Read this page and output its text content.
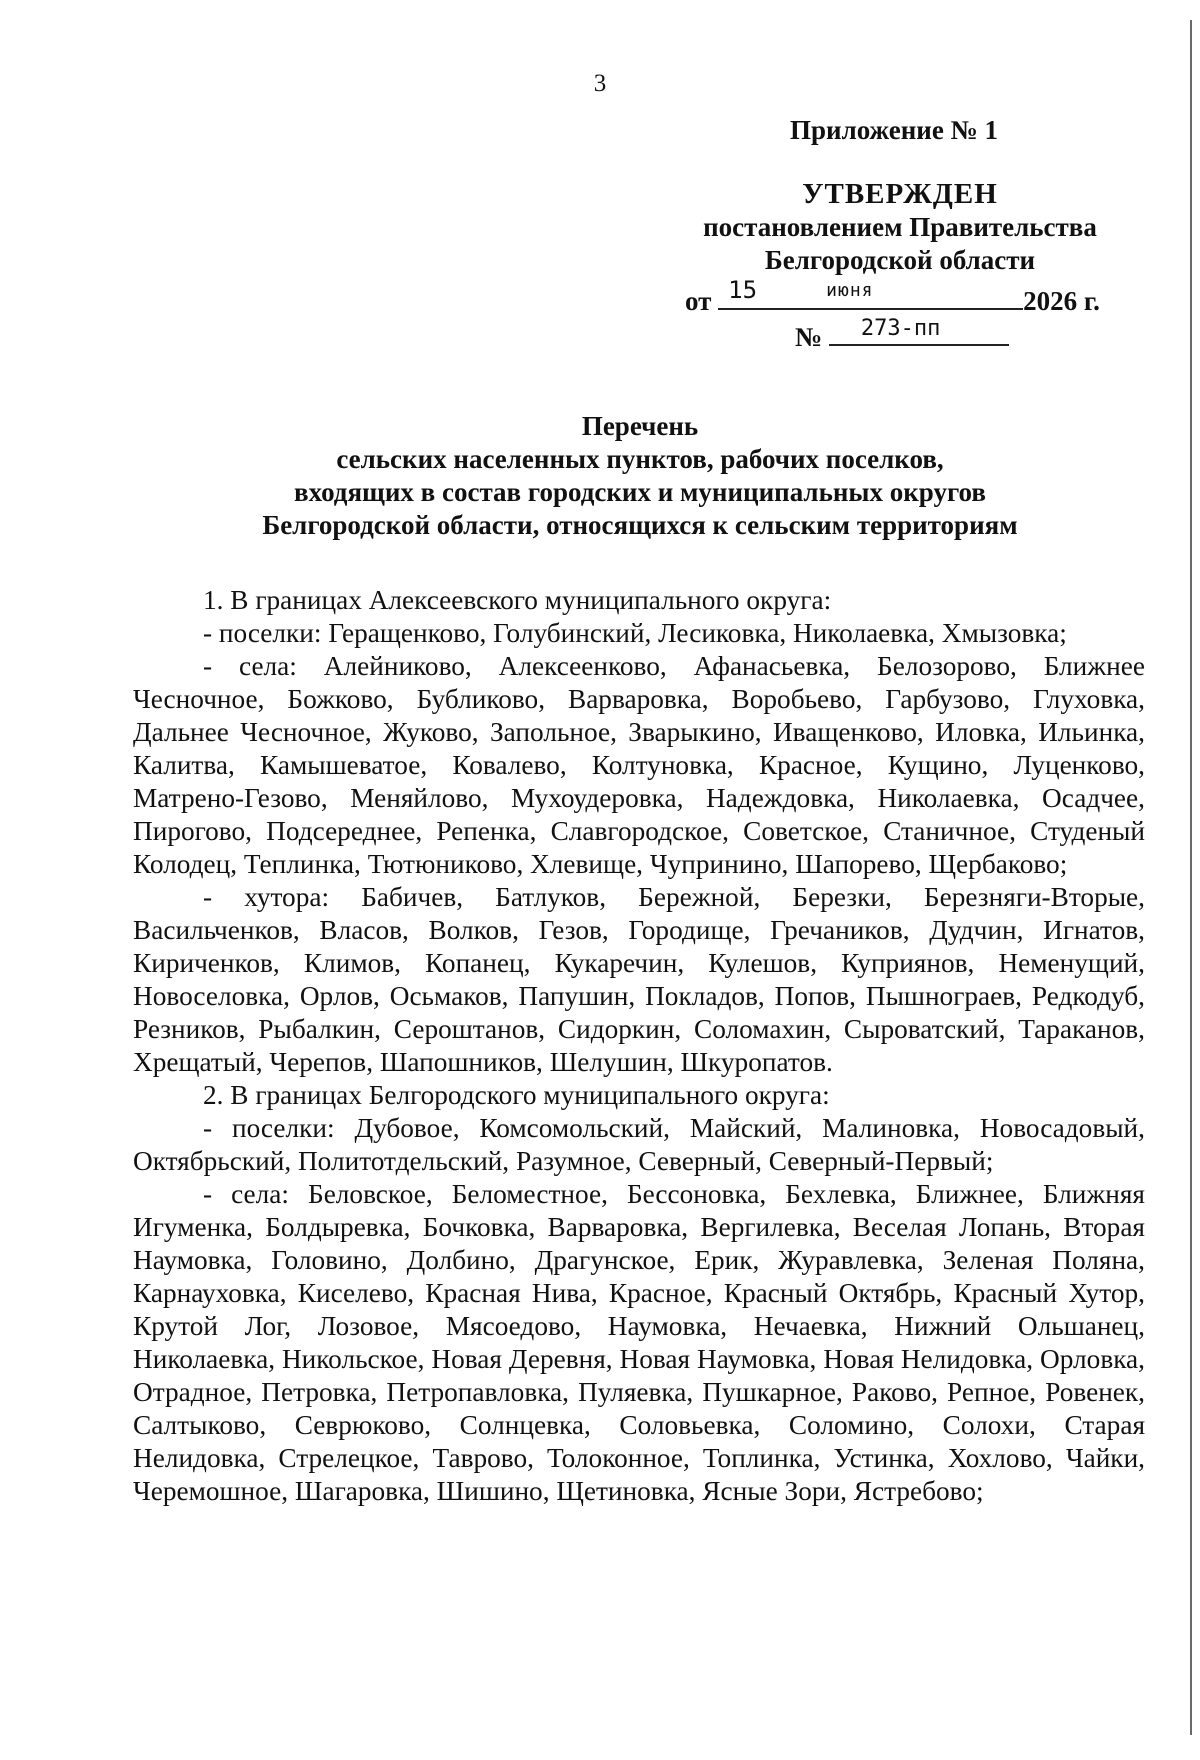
3
Приложение № 1
УТВЕРЖДЕН
постановлением Правительства
Белгородской области
от 15	июня	2026 г.
№ 273-пп
Перечень
сельских населенных пунктов, рабочих поселков,
входящих в состав городских и муниципальных округов
Белгородской области, относящихся к сельским территориям

1. В границах Алексеевского муниципального округа:

- поселки: Геращенково, Голубинский, Лесиковка, Николаевка, Хмызовка;

- села: Алейниково, Алексеенково, Афанасьевка, Белозорово, Ближнее Чесночное, Божково, Бубликово, Варваровка, Воробьево, Гарбузово, Глуховка, Дальнее Чесночное, Жуково, Запольное, Зварыкино, Иващенково, Иловка, Ильинка, Калитва, Камышеватое, Ковалево, Колтуновка, Красное, Кущино, Луценково, Матрено-Гезово, Меняйлово, Мухоудеровка, Надеждовка, Николаевка, Осадчее, Пирогово, Подсереднее, Репенка, Славгородское, Советское, Станичное, Студеный Колодец, Теплинка, Тютюниково, Хлевище, Чупринино, Шапорево, Щербаково;

- хутора: Бабичев, Батлуков, Бережной, Березки, Березняги-Вторые, Васильченков, Власов, Волков, Гезов, Городище, Гречаников, Дудчин, Игнатов, Кириченков, Климов, Копанец, Кукаречин, Кулешов, Куприянов, Неменущий, Новоселовка, Орлов, Осьмаков, Папушин, Покладов, Попов, Пышнограев, Редкодуб, Резников, Рыбалкин, Сероштанов, Сидоркин, Соломахин, Сыроватский, Тараканов, Хрещатый, Черепов, Шапошников, Шелушин, Шкуропатов.

2. В границах Белгородского муниципального округа:

- поселки: Дубовое, Комсомольский, Майский, Малиновка, Новосадовый, Октябрьский, Политотдельский, Разумное, Северный, Северный-Первый;

- села: Беловское, Беломестное, Бессоновка, Бехлевка, Ближнее, Ближняя Игуменка, Болдыревка, Бочковка, Варваровка, Вергилевка, Веселая Лопань, Вторая Наумовка, Головино, Долбино, Драгунское, Ерик, Журавлевка, Зеленая Поляна, Карнауховка, Киселево, Красная Нива, Красное, Красный Октябрь, Красный Хутор, Крутой Лог, Лозовое, Мясоедово, Наумовка, Нечаевка, Нижний Ольшанец, Николаевка, Никольское, Новая Деревня, Новая Наумовка, Новая Нелидовка, Орловка, Отрадное, Петровка, Петропавловка, Пуляевка, Пушкарное, Раково, Репное, Ровенек, Салтыково, Севрюково, Солнцевка, Соловьевка, Соломино, Солохи, Старая Нелидовка, Стрелецкое, Таврово, Толоконное, Топлинка, Устинка, Хохлово, Чайки, Черемошное, Шагаровка, Шишино, Щетиновка, Ясные Зори, Ястребово;
